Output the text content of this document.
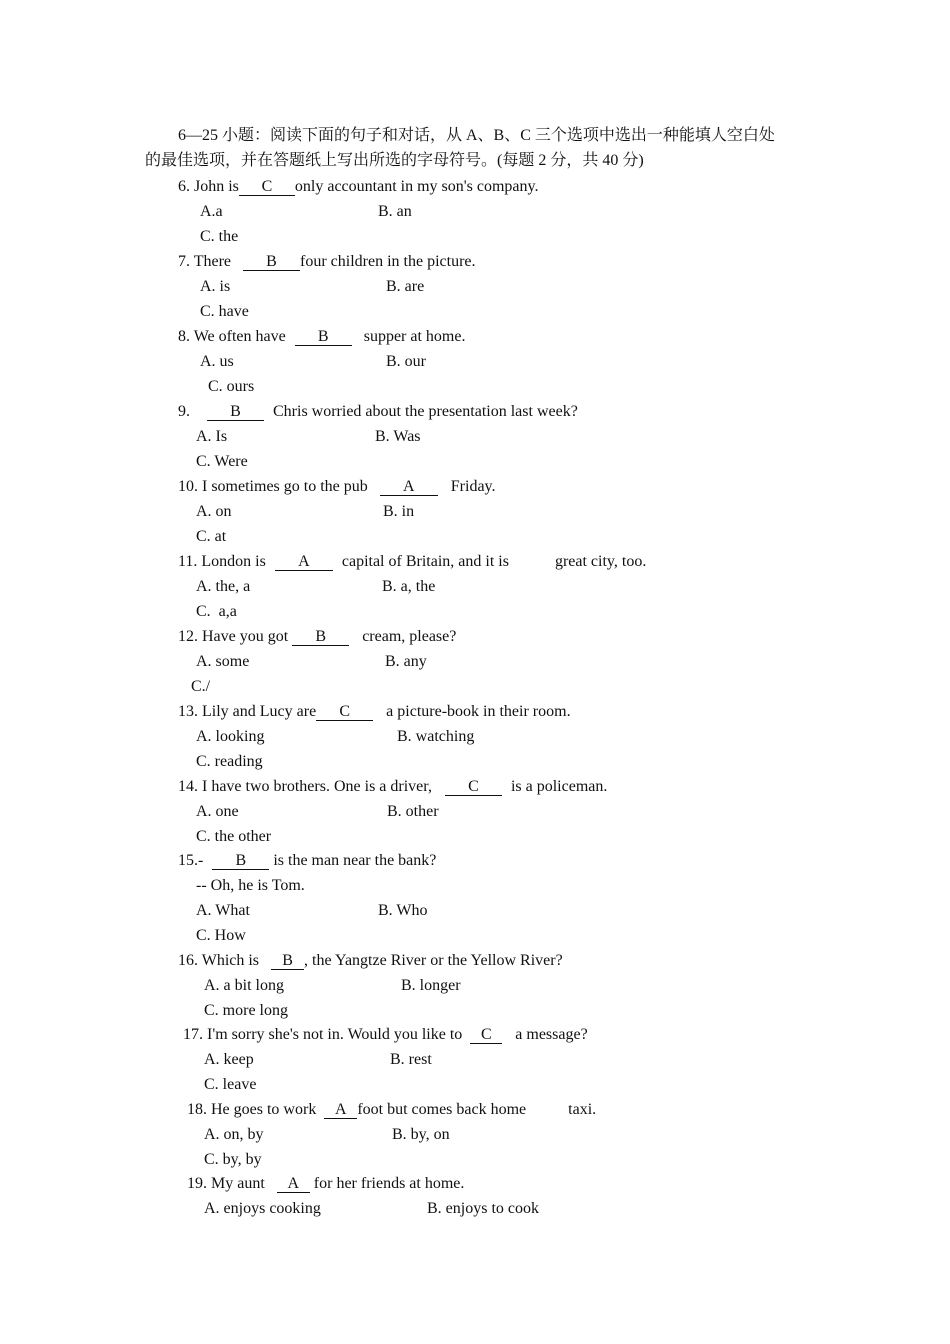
6—25 小题：阅读下面的句子和对话，从 A、B、C 三个选项中选出一种能填人空白处
的最佳选项，并在答题纸上写出所选的字母符号。(每题 2 分，共 40 分)
6. John is C only accountant in my son's company.
A.a	B. an
C. the
7. There B four children in the picture.
A. is	B. are
C. have
8. We often have B supper at home.
A. us	B. our
C. ours
9.	B Chris worried about the presentation last week?
A. Is	B. Was
C. Were
10. I sometimes go to the pub A Friday.
A. on	B. in
C. at
11. London is A capital of Britain, and it is	great city, too.
A. the, a	B. a, the
C.  a,a
12. Have you got B cream, please?
A. some	B. any
C./
13. Lily and Lucy are C a picture-book in their room.
A. looking	B. watching
C. reading
14. I have two brothers. One is a driver, C is a policeman.
A. one	B. other
C. the other
15.- B is the man near the bank?
-- Oh, he is Tom.
A. What	B. Who
C. How
16. Which is B , the Yangtze River or the Yellow River?
A. a bit long	B. longer
C. more long
17. I'm sorry she's not in. Would you like to C a message?
A. keep	B. rest
C. leave
18. He goes to work A foot but comes back home	taxi.
A. on, by	B. by, on
C. by, by
19. My aunt A for her friends at home.
A. enjoys cooking	B. enjoys to cook
